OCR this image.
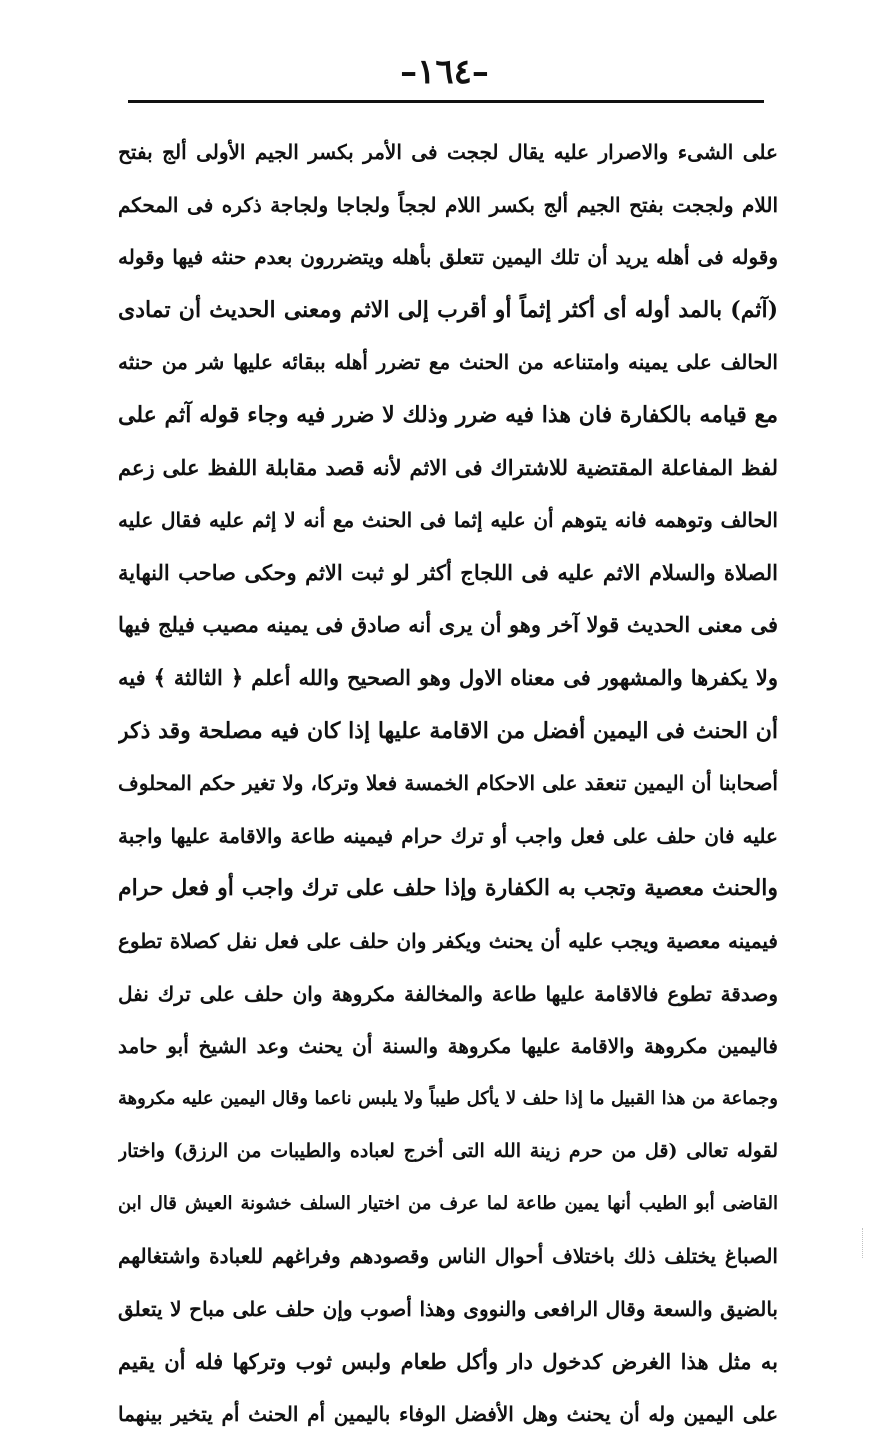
–١٦٤–
على الشىء والاصرار عليه يقال لججت فى الأمر بكسر الجيم الأولى ألج بفتح
اللام ولججت بفتح الجيم ألج بكسر اللام لججاً ولجاجا ولجاجة ذكره فى المحكم
وقوله فى أهله يريد أن تلك اليمين تتعلق بأهله ويتضررون بعدم حنثه فيها وقوله
(آثم) بالمد أوله أى أكثر إثماً أو أقرب إلى الاثم ومعنى الحديث أن تمادى
الحالف على يمينه وامتناعه من الحنث مع تضرر أهله ببقائه عليها شر من حنثه
مع قيامه بالكفارة فان هذا فيه ضرر وذلك لا ضرر فيه وجاء قوله آثم على
لفظ المفاعلة المقتضية للاشتراك فى الاثم لأنه قصد مقابلة اللفظ على زعم
الحالف وتوهمه فانه يتوهم أن عليه إثما فى الحنث مع أنه لا إثم عليه فقال عليه
الصلاة والسلام الاثم عليه فى اللجاج أكثر لو ثبت الاثم وحكى صاحب النهاية
فى معنى الحديث قولا آخر وهو أن يرى أنه صادق فى يمينه مصيب فيلج فيها
ولا يكفرها والمشهور فى معناه الاول وهو الصحيح والله أعلم ﴿ الثالثة ﴾ فيه
أن الحنث فى اليمين أفضل من الاقامة عليها إذا كان فيه مصلحة وقد ذكر
أصحابنا أن اليمين تنعقد على الاحكام الخمسة فعلا وتركا، ولا تغير حكم المحلوف
عليه فان حلف على فعل واجب أو ترك حرام فيمينه طاعة والاقامة عليها واجبة
والحنث معصية وتجب به الكفارة وإذا حلف على ترك واجب أو فعل حرام
فيمينه معصية ويجب عليه أن يحنث ويكفر وان حلف على فعل نفل كصلاة تطوع
وصدقة تطوع فالاقامة عليها طاعة والمخالفة مكروهة وان حلف على ترك نفل
فاليمين مكروهة والاقامة عليها مكروهة والسنة أن يحنث وعد الشيخ أبو حامد
وجماعة من هذا القبيل ما إذا حلف لا يأكل طيباً ولا يلبس ناعما وقال اليمين عليه مكروهة
لقوله تعالى (قل من حرم زينة الله التى أخرج لعباده والطيبات من الرزق) واختار
القاضى أبو الطيب أنها يمين طاعة لما عرف من اختيار السلف خشونة العيش قال ابن
الصباغ يختلف ذلك باختلاف أحوال الناس وقصودهم وفراغهم للعبادة واشتغالهم
بالضيق والسعة وقال الرافعى والنووى وهذا أصوب وإن حلف على مباح لا يتعلق
به مثل هذا الغرض كدخول دار وأكل طعام ولبس ثوب وتركها فله أن يقيم
على اليمين وله أن يحنث وهل الأفضل الوفاء باليمين أم الحنث أم يتخير بينهما
